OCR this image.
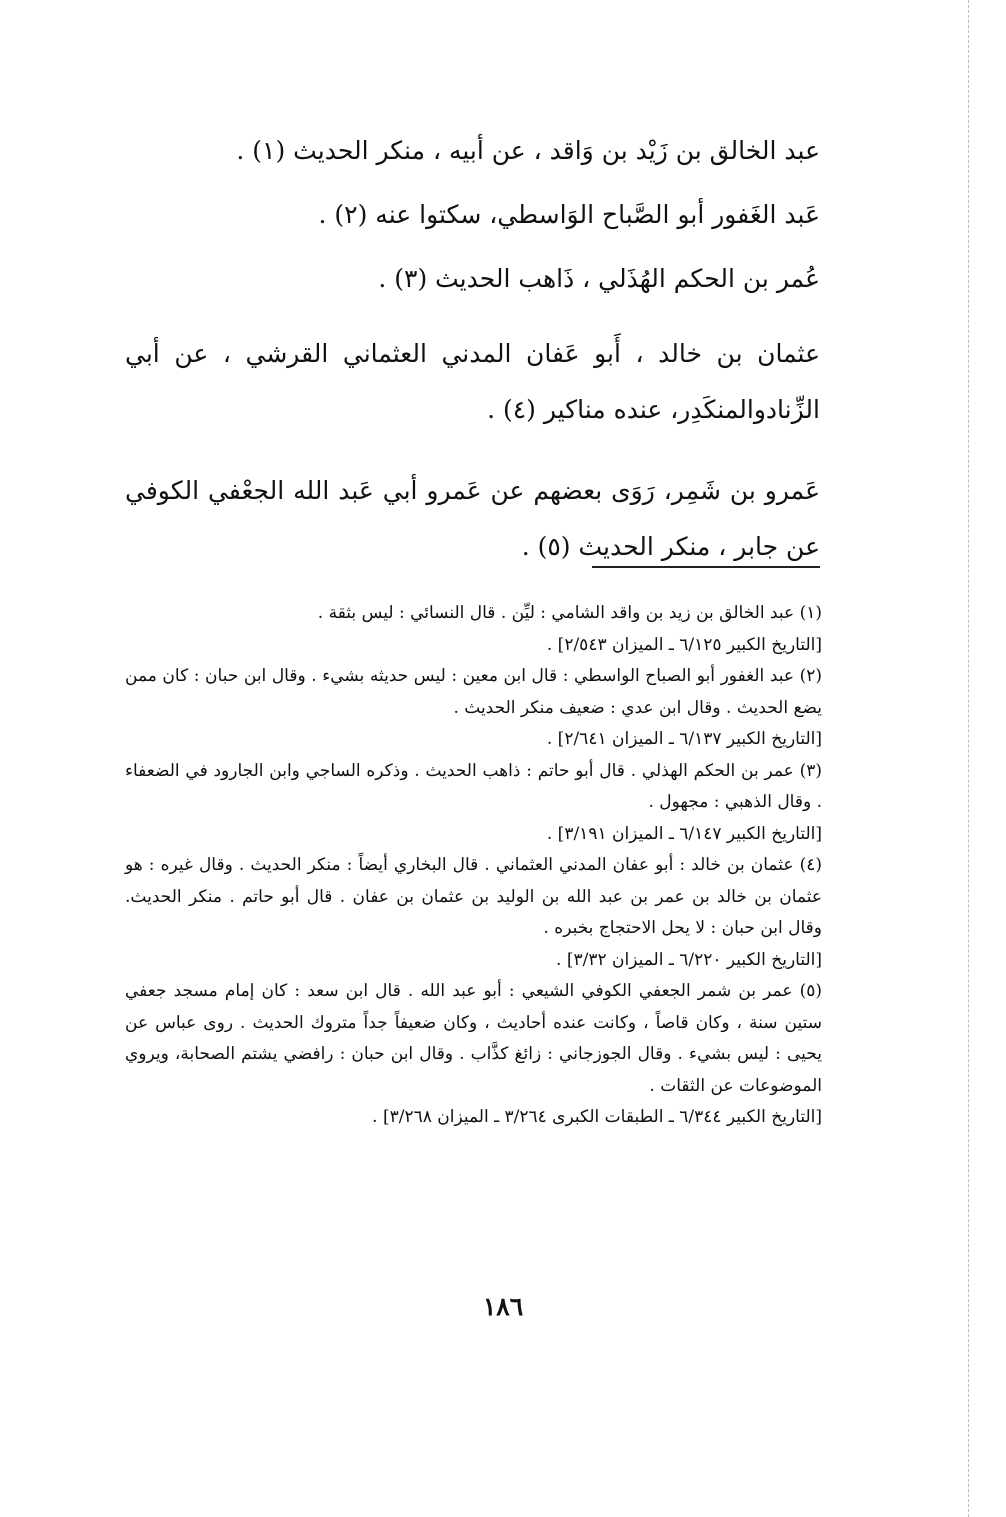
عبد الخالق بن زَيْد بن وَاقد ، عن أبيه ، منكر الحديث (١) .

عَبد الغَفور أبو الصَّباح الوَاسطي، سكتوا عنه (٢) .

عُمر بن الحكم الهُذَلي ، ذَاهب الحديث (٣) .

عثمان بن خالد ، أَبو عَفان المدني العثماني القرشي ، عن أبي الزِّنادوالمنكَدِر، عنده مناكير (٤) .

عَمرو بن شَمِر، رَوَى بعضهم عن عَمرو أبي عَبد الله الجعْفي الكوفي عن جابر ، منكر الحديث (٥) .

(١) عبد الخالق بن زيد بن واقد الشامي : ليِّن . قال النسائي : ليس بثقة .

[التاريخ الكبير ٦/١٢٥ ـ الميزان ٢/٥٤٣] .

(٢) عبد الغفور أبو الصباح الواسطي : قال ابن معين : ليس حديثه بشيء . وقال ابن حبان : كان ممن يضع الحديث . وقال ابن عدي : ضعيف منكر الحديث .

[التاريخ الكبير ٦/١٣٧ ـ الميزان ٢/٦٤١] .

(٣) عمر بن الحكم الهذلي . قال أبو حاتم : ذاهب الحديث . وذكره الساجي وابن الجارود في الضعفاء . وقال الذهبي : مجهول .

[التاريخ الكبير ٦/١٤٧ ـ الميزان ٣/١٩١] .

(٤) عثمان بن خالد : أبو عفان المدني العثماني . قال البخاري أيضاً : منكر الحديث . وقال غيره : هو عثمان بن خالد بن عمر بن عبد الله بن الوليد بن عثمان بن عفان . قال أبو حاتم . منكر الحديث. وقال ابن حبان : لا يحل الاحتجاج بخبره .

[التاريخ الكبير ٦/٢٢٠ ـ الميزان ٣/٣٢] .

(٥) عمر بن شمر الجعفي الكوفي الشيعي : أبو عبد الله . قال ابن سعد : كان إمام مسجد جعفي ستين سنة ، وكان قاصاً ، وكانت عنده أحاديث ، وكان ضعيفاً جداً متروك الحديث . روى عباس عن يحيى : ليس بشيء . وقال الجوزجاني : زائغ كذَّاب . وقال ابن حبان : رافضي يشتم الصحابة، ويروي الموضوعات عن الثقات .

[التاريخ الكبير ٦/٣٤٤ ـ الطبقات الكبرى ٣/٢٦٤ ـ الميزان ٣/٢٦٨] .

١٨٦
